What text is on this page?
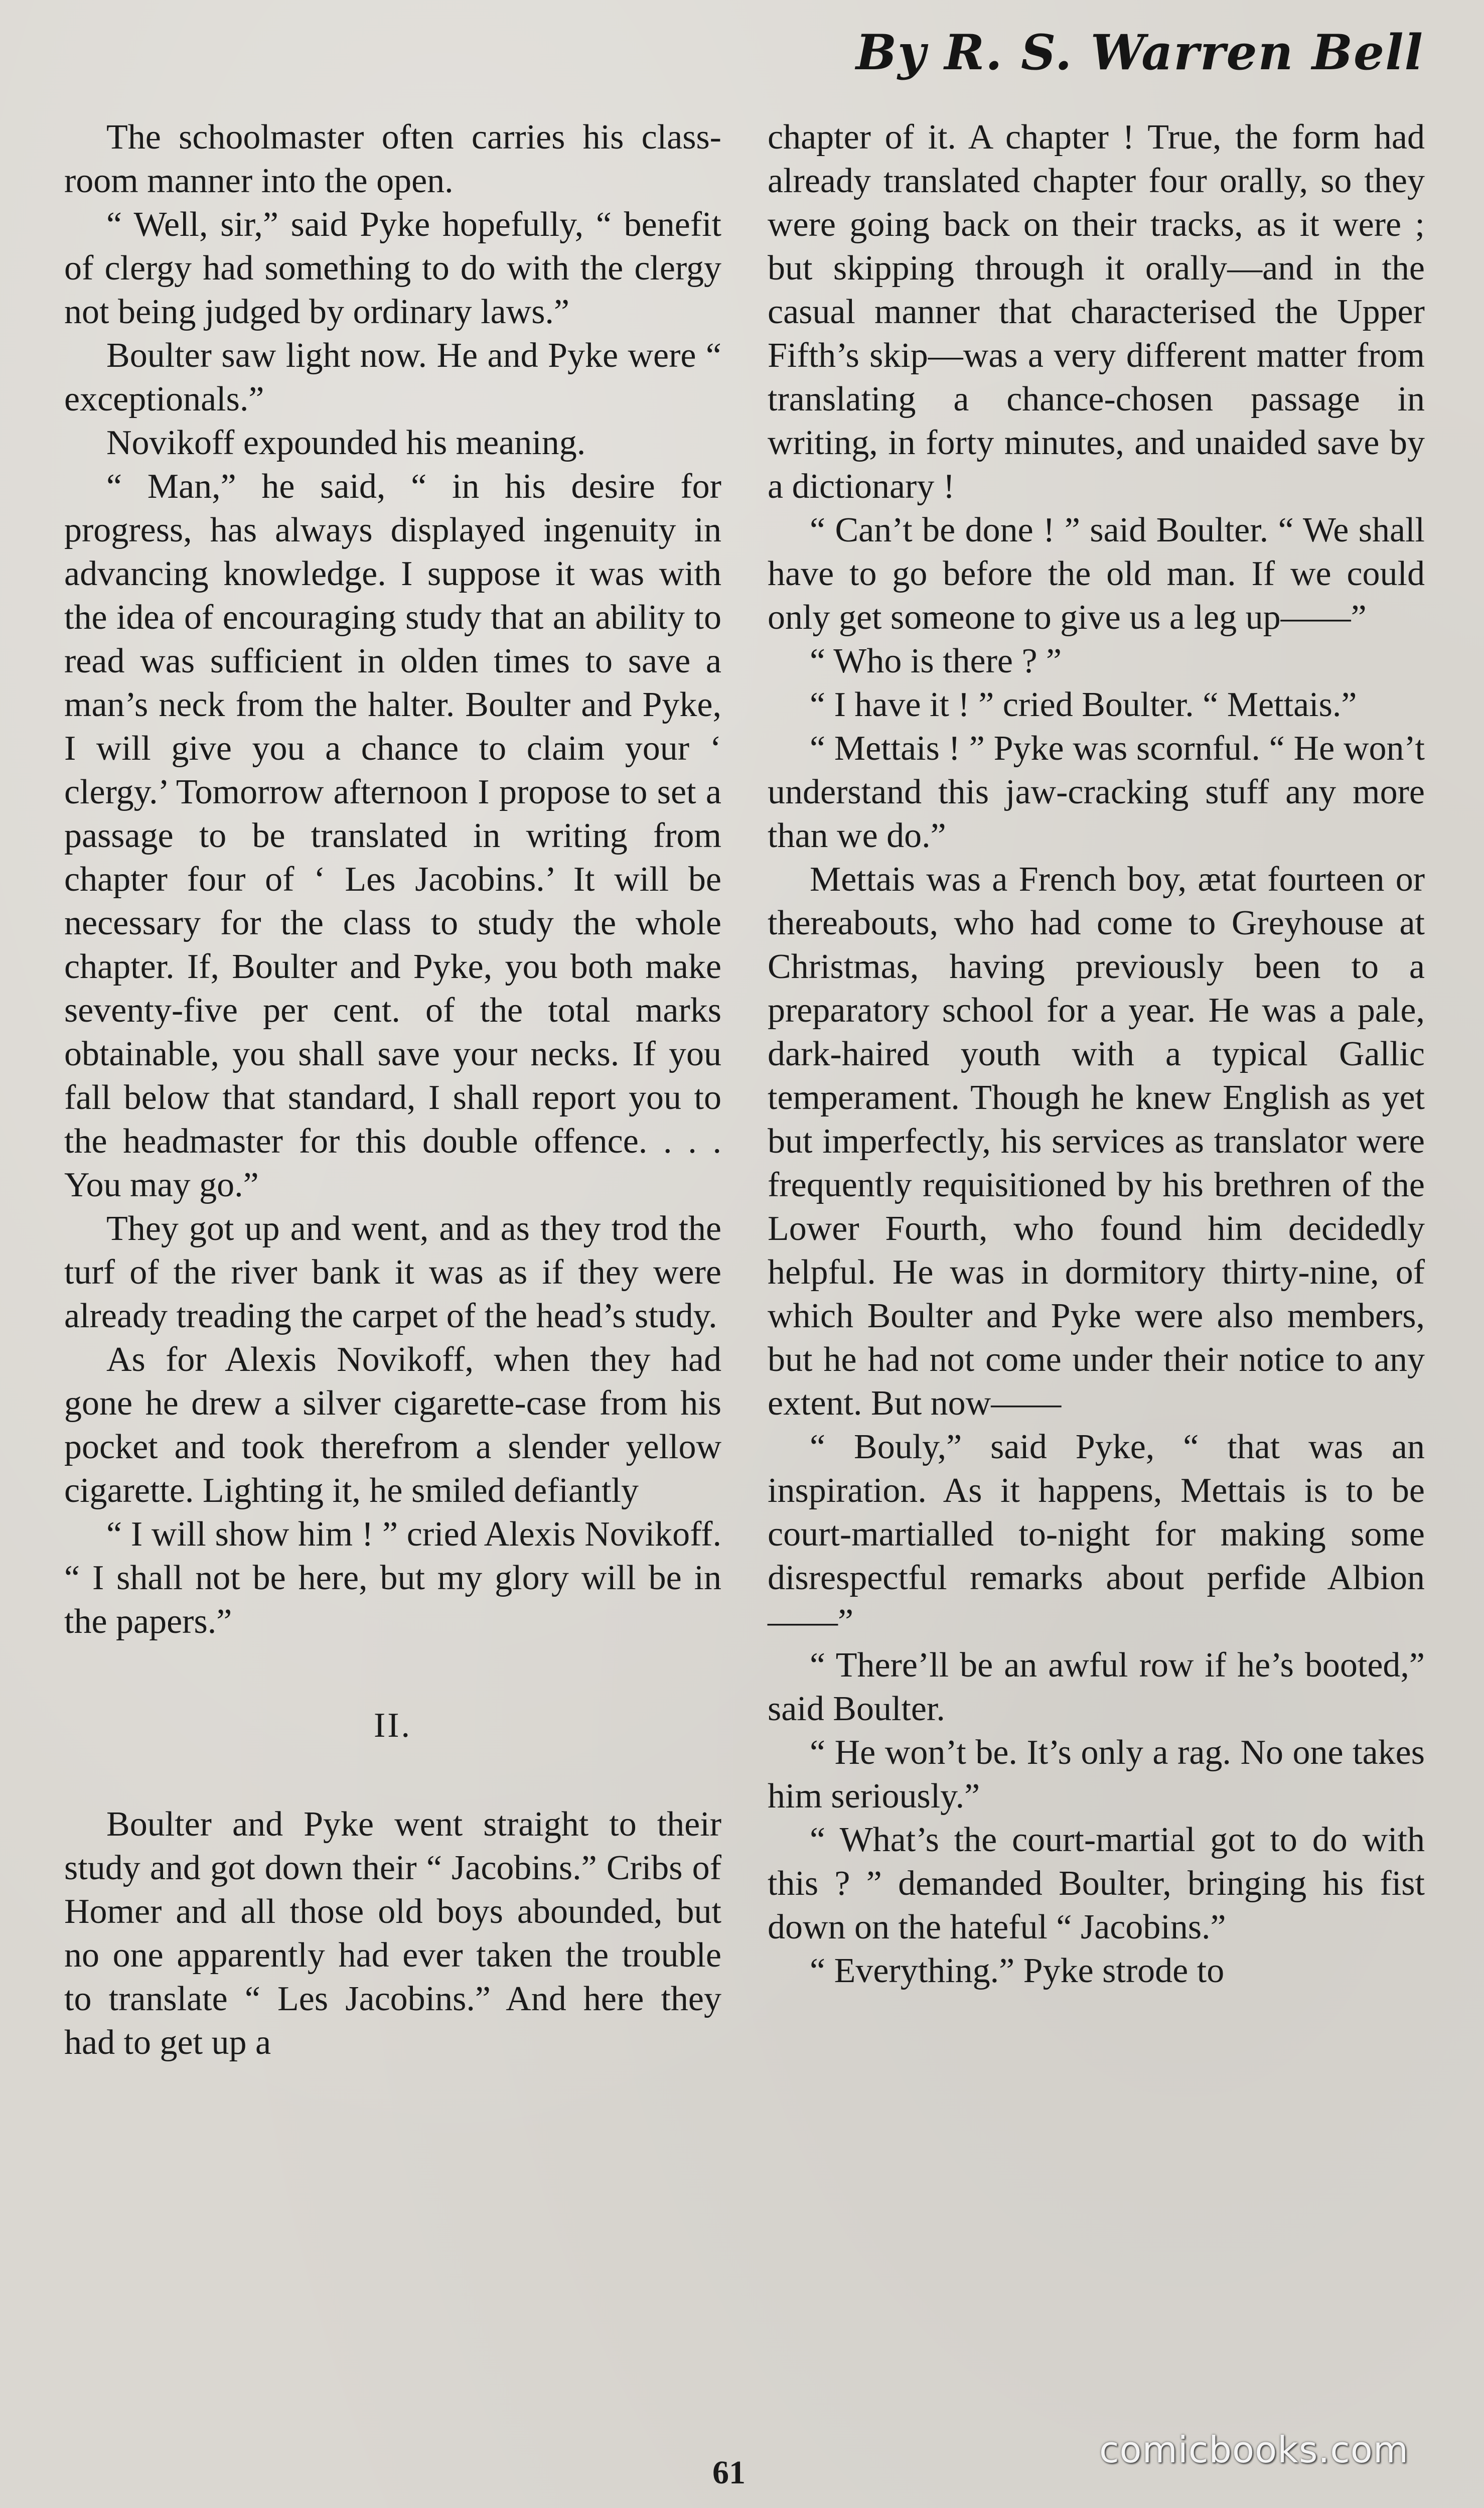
By R. S. Warren Bell

The schoolmaster often carries his class-room manner into the open.

“ Well, sir,” said Pyke hopefully, “ benefit of clergy had something to do with the clergy not being judged by ordinary laws.”

Boulter saw light now. He and Pyke were “ exceptionals.”

Novikoff expounded his meaning.

“ Man,” he said, “ in his desire for progress, has always displayed ingenuity in advancing knowledge. I suppose it was with the idea of encouraging study that an ability to read was sufficient in olden times to save a man’s neck from the halter. Boulter and Pyke, I will give you a chance to claim your ‘ clergy.’ Tomorrow afternoon I propose to set a passage to be translated in writing from chapter four of ‘ Les Jacobins.’ It will be necessary for the class to study the whole chapter. If, Boulter and Pyke, you both make seventy-five per cent. of the total marks obtainable, you shall save your necks. If you fall below that standard, I shall report you to the headmaster for this double offence. . . . You may go.”

They got up and went, and as they trod the turf of the river bank it was as if they were already treading the carpet of the head’s study.

As for Alexis Novikoff, when they had gone he drew a silver cigarette-case from his pocket and took therefrom a slender yellow cigarette. Lighting it, he smiled defiantly

“ I will show him ! ” cried Alexis Novikoff. “ I shall not be here, but my glory will be in the papers.”

II.

Boulter and Pyke went straight to their study and got down their “ Jacobins.” Cribs of Homer and all those old boys abounded, but no one apparently had ever taken the trouble to translate “ Les Jacobins.” And here they had to get up a

chapter of it. A chapter ! True, the form had already translated chapter four orally, so they were going back on their tracks, as it were ; but skipping through it orally—and in the casual manner that characterised the Upper Fifth’s skip—was a very different matter from translating a chance-chosen passage in writing, in forty minutes, and unaided save by a dictionary !

“ Can’t be done ! ” said Boulter. “ We shall have to go before the old man. If we could only get someone to give us a leg up——”

“ Who is there ? ”

“ I have it ! ” cried Boulter. “ Mettais.”

“ Mettais ! ” Pyke was scornful. “ He won’t understand this jaw-cracking stuff any more than we do.”

Mettais was a French boy, ætat fourteen or thereabouts, who had come to Greyhouse at Christmas, having previously been to a preparatory school for a year. He was a pale, dark-haired youth with a typical Gallic temperament. Though he knew English as yet but imperfectly, his services as translator were frequently requisitioned by his brethren of the Lower Fourth, who found him decidedly helpful. He was in dormitory thirty-nine, of which Boulter and Pyke were also members, but he had not come under their notice to any extent. But now——

“ Bouly,” said Pyke, “ that was an inspiration. As it happens, Mettais is to be court-martialled to-night for making some disrespectful remarks about perfide Albion——”

“ There’ll be an awful row if he’s booted,” said Boulter.

“ He won’t be. It’s only a rag. No one takes him seriously.”

“ What’s the court-martial got to do with this ? ” demanded Boulter, bringing his fist down on the hateful “ Jacobins.”

“ Everything.” Pyke strode to

61
comicbooks.com
